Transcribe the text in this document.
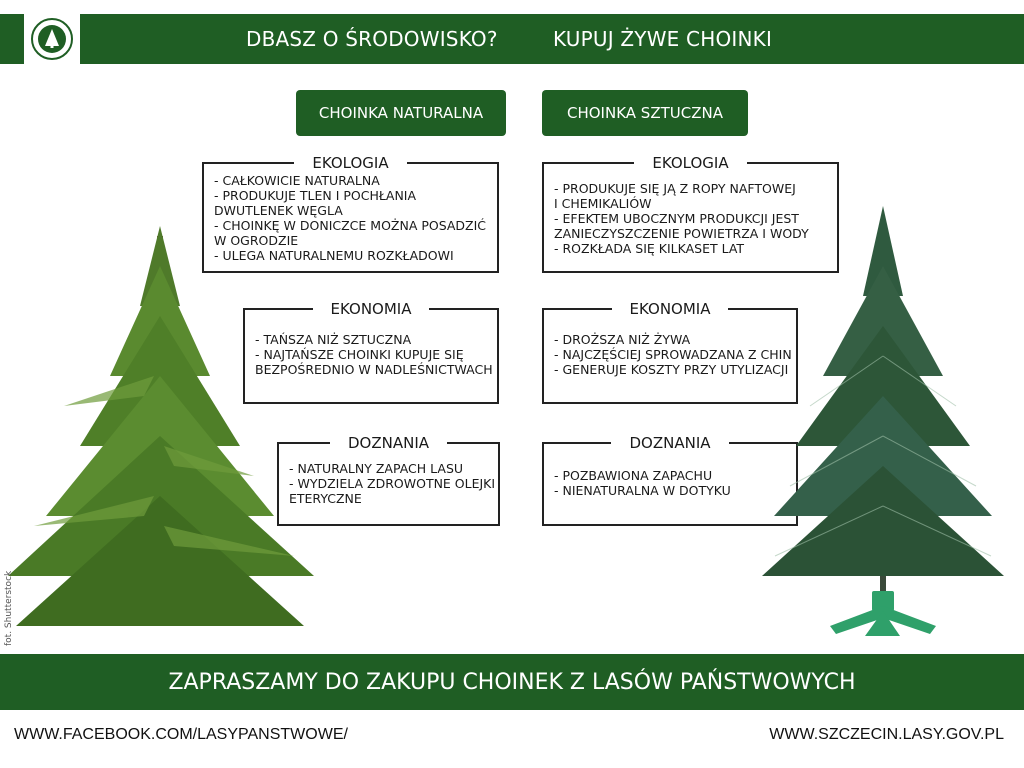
DBASZ O ŚRODOWISKO?	KUPUJ ŻYWE CHOINKI
CHOINKA NATURALNA	CHOINKA SZTUCZNA
EKOLOGIA
- CAŁKOWICIE NATURALNA
- PRODUKUJE TLEN I POCHŁANIA
DWUTLENEK WĘGLA
- CHOINKĘ W DONICZCE MOŻNA POSADZIĆ
W OGRODZIE
- ULEGA NATURALNEMU ROZKŁADOWI
EKONOMIA
- TAŃSZA NIŻ SZTUCZNA
- NAJTAŃSZE CHOINKI KUPUJE SIĘ
BEZPOŚREDNIO W NADLEŚNICTWACH
DOZNANIA
- NATURALNY ZAPACH LASU
- WYDZIELA ZDROWOTNE OLEJKI
ETERYCZNE
EKOLOGIA
- PRODUKUJE SIĘ JĄ Z ROPY NAFTOWEJ
I CHEMIKALIÓW
- EFEKTEM UBOCZNYM PRODUKCJI JEST
ZANIECZYSZCZENIE POWIETRZA I WODY
- ROZKŁADA SIĘ KILKASET LAT
EKONOMIA
- DROŻSZA NIŻ ŻYWA
- NAJCZĘŚCIEJ SPROWADZANA Z CHIN
- GENERUJE KOSZTY PRZY UTYLIZACJI
DOZNANIA
- POZBAWIONA ZAPACHU
- NIENATURALNA W DOTYKU
fot. Shutterstock
ZAPRASZAMY DO ZAKUPU CHOINEK Z LASÓW PAŃSTWOWYCH
WWW.FACEBOOK.COM/LASYPANSTWOWE/	WWW.SZCZECIN.LASY.GOV.PL
